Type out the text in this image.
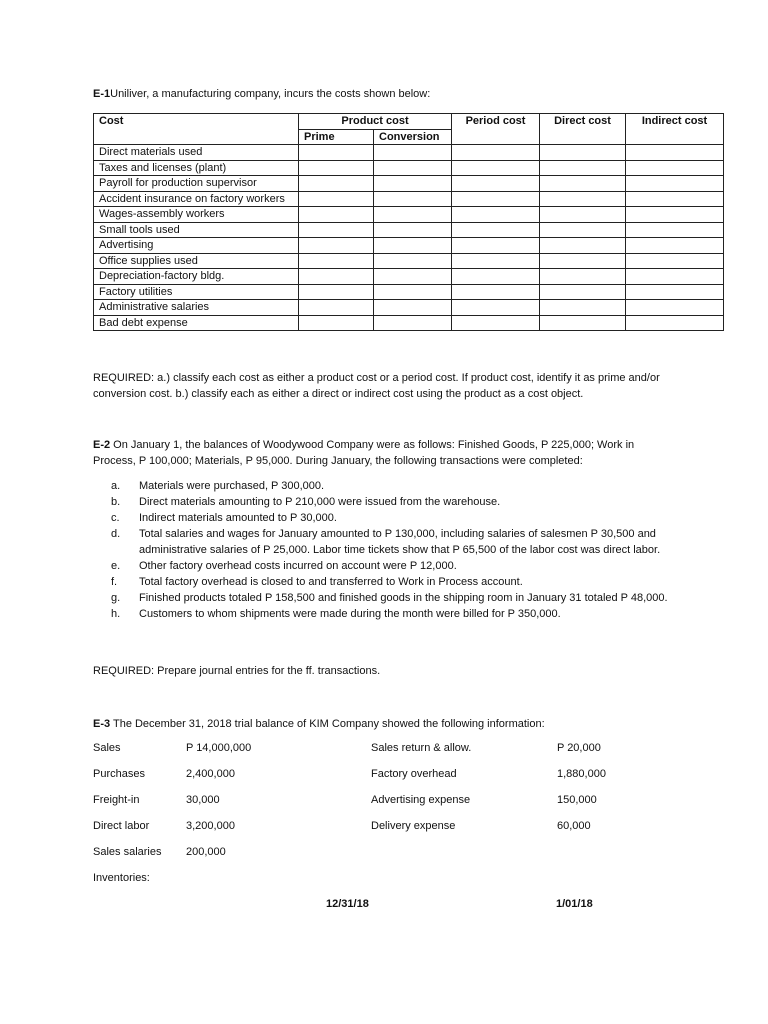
E-1Uniliver, a manufacturing company, incurs the costs shown below:

Cost	Product cost		Period cost	Direct cost	Indirect cost
	Prime	Conversion			
Direct materials used					
Taxes and licenses (plant)					
Payroll for production supervisor					
Accident insurance on factory workers					
Wages-assembly workers					
Small tools used					
Advertising					
Office supplies used					
Depreciation-factory bldg.					
Factory utilities					
Administrative salaries					
Bad debt expense					

REQUIRED: a.) classify each cost as either a product cost or a period cost. If product cost, identify it as prime and/or conversion cost. b.) classify each as either a direct or indirect cost using the product as a cost object.

E-2 On January 1, the balances of Woodywood Company were as follows: Finished Goods, P 225,000; Work in Process, P 100,000; Materials, P 95,000. During January, the following transactions were completed:

a. Materials were purchased, P 300,000.
b. Direct materials amounting to P 210,000 were issued from the warehouse.
c. Indirect materials amounted to P 30,000.
d. Total salaries and wages for January amounted to P 130,000, including salaries of salesmen P 30,500 and administrative salaries of P 25,000. Labor time tickets show that P 65,500 of the labor cost was direct labor.
e. Other factory overhead costs incurred on account were P 12,000.
f. Total factory overhead is closed to and transferred to Work in Process account.
g. Finished products totaled P 158,500 and finished goods in the shipping room in January 31 totaled P 48,000.
h. Customers to whom shipments were made during the month were billed for P 350,000.

REQUIRED: Prepare journal entries for the ff. transactions.

E-3 The December 31, 2018 trial balance of KIM Company showed the following information:

Sales	P 14,000,000	Sales return & allow.	P 20,000
Purchases	2,400,000	Factory overhead	1,880,000
Freight-in	30,000	Advertising expense	150,000
Direct labor	3,200,000	Delivery expense	60,000
Sales salaries 200,000

Inventories:

12/31/18	1/01/18
